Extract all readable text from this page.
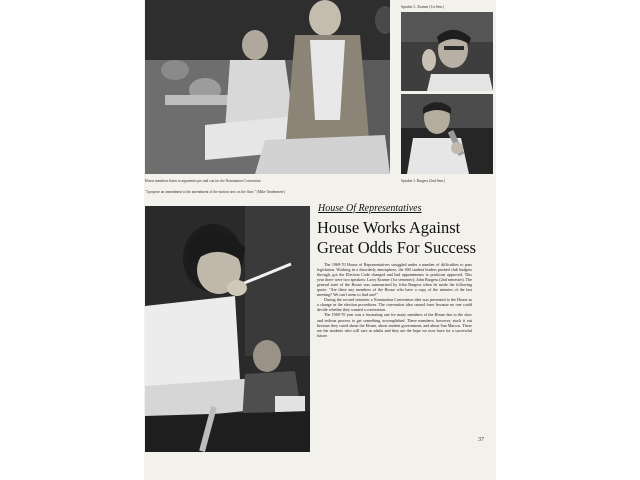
House members listen to arguments pro and con for the Nomination Convention.
"I propose an amendment to the amendment of the motion now on the floor." (Mike Vandermeer)
Speaker L. Kramer (1st Sem.)
Speaker J. Burgess (2nd Sem.)
House Of Representatives
House Works Against Great Odds For Success

The 1969-70 House of Representatives struggled under a number of difficulties to pass legislation. Working in a disorderly atmosphere, the SM student leaders pushed club budgets through, got the Election Code changed and had appointments to positions approved. This year there were two speakers: Larry Kramer (1st semester); John Burgess (2nd semester). The general state of the House was summarized by John Burgess when he made the following quote: "Are there any members of the House who have a copy of the minutes of the last meeting? We can't seem to find one!"

During the second semester a Nomination Convention idea was presented to the House as a change in the election procedures. The convention idea caused furor because no one could decide whether they wanted a convention.

The 1969-70 year was a frustrating one for many members of the House due to the slow and tedious process to get something accomplished. These members, however, stuck it out because they cared about the House, about student government, and about San Marcos. These are the students who will care as adults and they are the hope we now have for a successful future.

37
